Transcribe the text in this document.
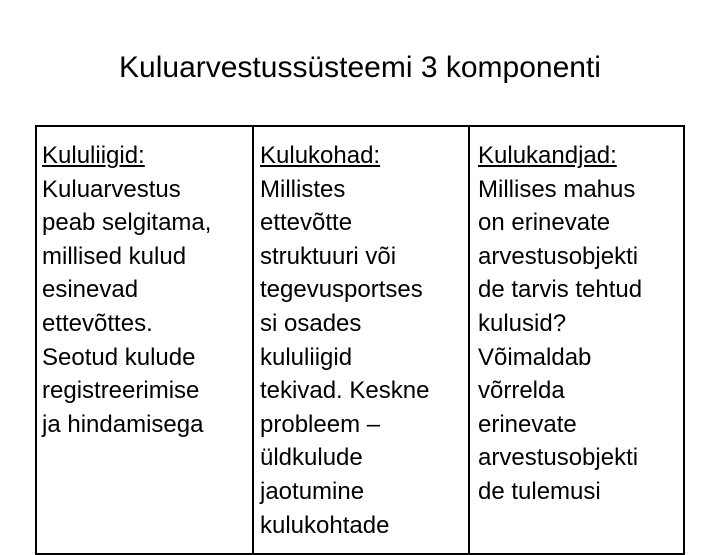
Kuluarvestussüsteemi 3 komponenti
Kululiigid:
Kuluarvestus
peab selgitama,
millised kulud
esinevad
ettevõttes.
Seotud kulude
registreerimise
ja hindamisega
Kulukohad:
Millistes
ettevõtte
struktuuri või
tegevusportses
si osades
kululiigid
tekivad. Keskne
probleem –
üldkulude
jaotumine
kulukohtade
Kulukandjad:
Millises mahus
on erinevate
arvestusobjekti
de tarvis tehtud
kulusid?
Võimaldab
võrrelda
erinevate
arvestusobjekti
de tulemusi
